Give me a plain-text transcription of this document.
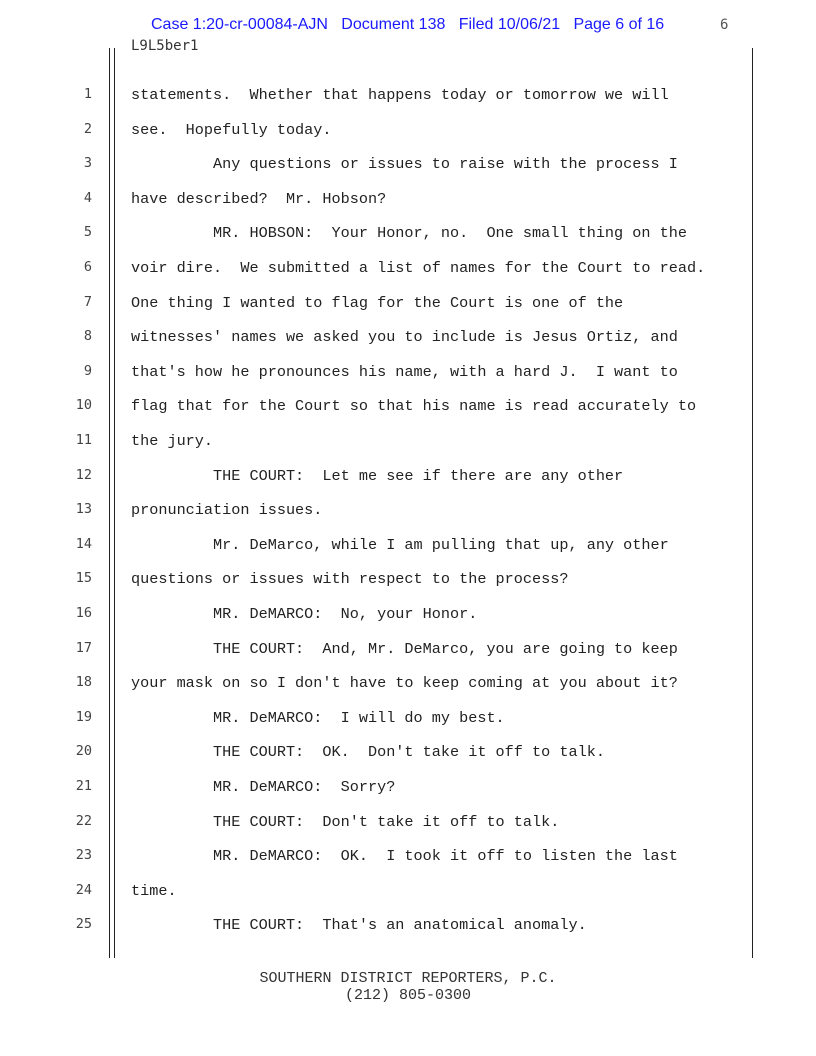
Case 1:20-cr-00084-AJN   Document 138   Filed 10/06/21   Page 6 of 16	6
L9L5ber1
1	statements.  Whether that happens today or tomorrow we will
2	see.  Hopefully today.
3	Any questions or issues to raise with the process I
4	have described?  Mr. Hobson?
5	MR. HOBSON:  Your Honor, no.  One small thing on the
6	voir dire.  We submitted a list of names for the Court to read.
7	One thing I wanted to flag for the Court is one of the
8	witnesses' names we asked you to include is Jesus Ortiz, and
9	that's how he pronounces his name, with a hard J.  I want to
10	flag that for the Court so that his name is read accurately to
11	the jury.
12	THE COURT:  Let me see if there are any other
13	pronunciation issues.
14	Mr. DeMarco, while I am pulling that up, any other
15	questions or issues with respect to the process?
16	MR. DeMARCO:  No, your Honor.
17	THE COURT:  And, Mr. DeMarco, you are going to keep
18	your mask on so I don't have to keep coming at you about it?
19	MR. DeMARCO:  I will do my best.
20	THE COURT:  OK.  Don't take it off to talk.
21	MR. DeMARCO:  Sorry?
22	THE COURT:  Don't take it off to talk.
23	MR. DeMARCO:  OK.  I took it off to listen the last
24	time.
25	THE COURT:  That's an anatomical anomaly.
SOUTHERN DISTRICT REPORTERS, P.C.
(212) 805-0300
